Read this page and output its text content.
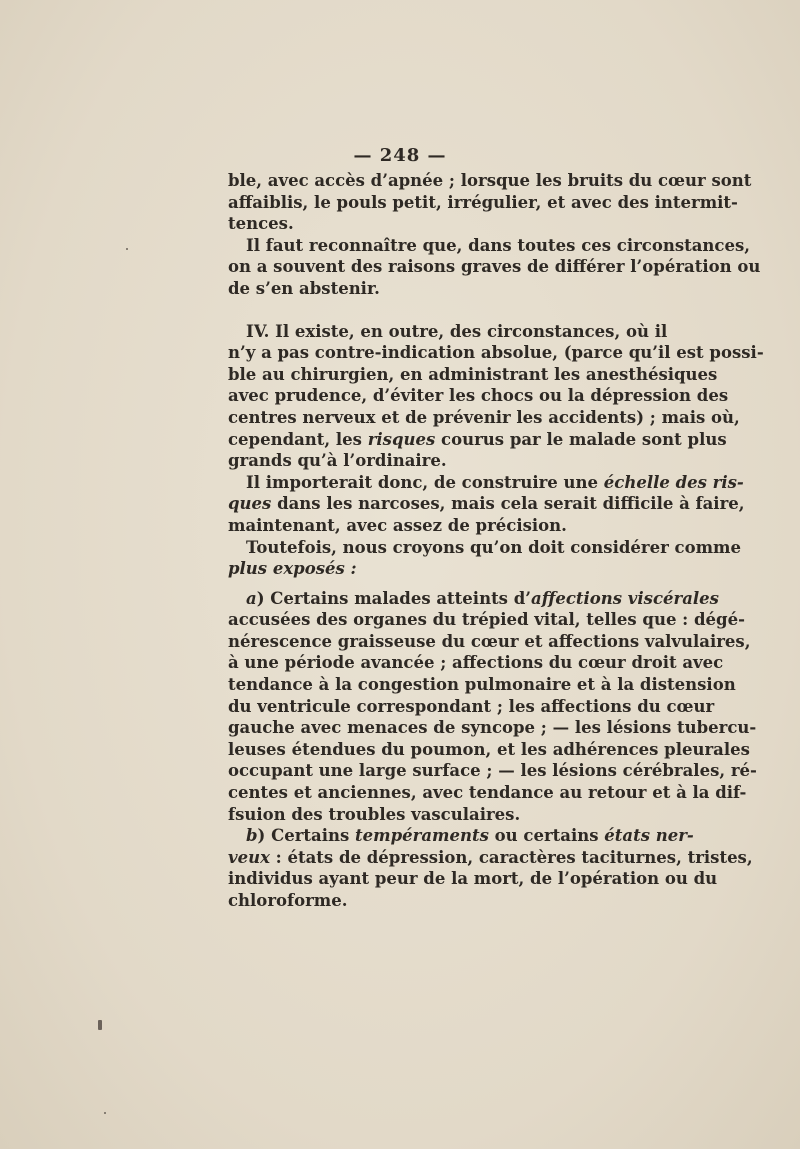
— 248 —

ble, avec accès d’apnée ; lorsque les bruits du cœur sont
affaiblis, le pouls petit, irrégulier, et avec des intermit-
tences.

Il faut reconnaître que, dans toutes ces circonstances,
on a souvent des raisons graves de différer l’opération ou
de s’en abstenir.

IV. Il existe, en outre, des circonstances, où il
n’y a pas contre-indication absolue, (parce qu’il est possi-
ble au chirurgien, en administrant les anesthésiques
avec prudence, d’éviter les chocs ou la dépression des
centres nerveux et de prévenir les accidents) ; mais où,
cependant, les risques courus par le malade sont plus
grands qu’à l’ordinaire.

Il importerait donc, de construire une échelle des ris-
ques dans les narcoses, mais cela serait difficile à faire,
maintenant, avec assez de précision.

Toutefois, nous croyons qu’on doit considérer comme
plus exposés :

a) Certains malades atteints d’affections viscérales
accusées des organes du trépied vital, telles que : dégé-
nérescence graisseuse du cœur et affections valvulaires,
à une période avancée ; affections du cœur droit avec
tendance à la congestion pulmonaire et à la distension
du ventricule correspondant ; les affections du cœur
gauche avec menaces de syncope ; — les lésions tubercu-
leuses étendues du poumon, et les adhérences pleurales
occupant une large surface ; — les lésions cérébrales, ré-
centes et anciennes, avec tendance au retour et à la dif-
fsuion des troubles vasculaires.

b) Certains tempéraments ou certains états ner-
veux : états de dépression, caractères taciturnes, tristes,
individus ayant peur de la mort, de l’opération ou du
chloroforme.
